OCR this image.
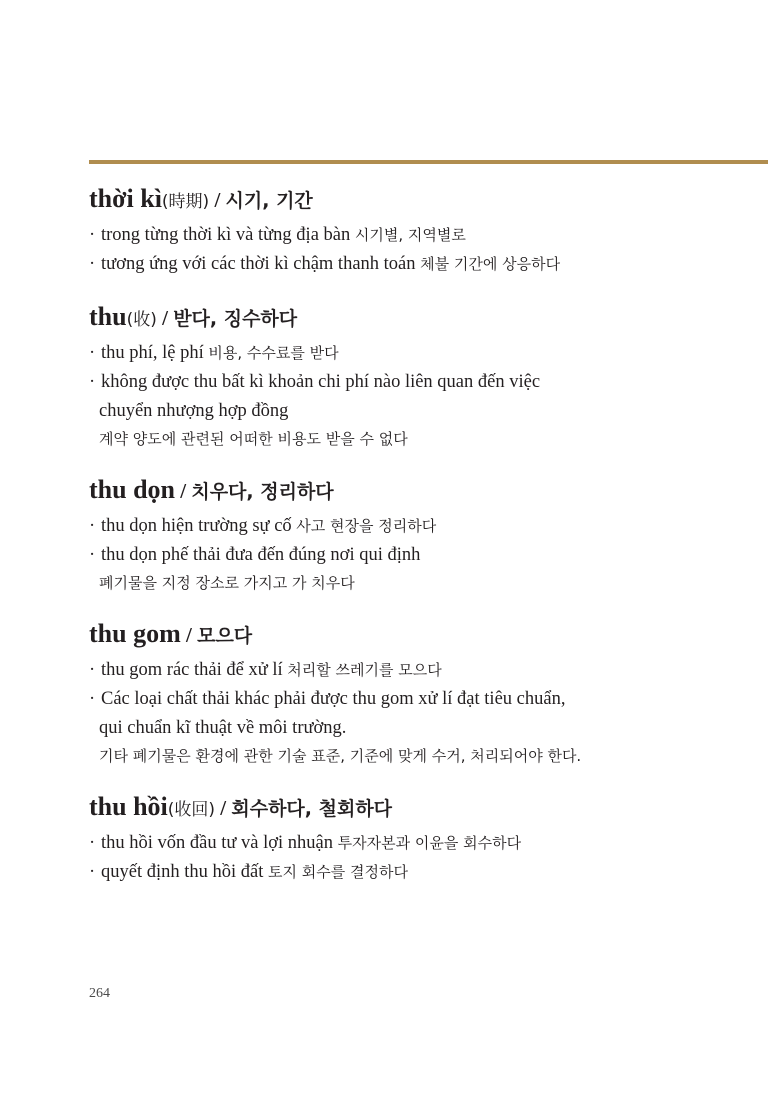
thời kì(時期) / 시기, 기간
· trong từng thời kì và từng địa bàn 시기별, 지역별로
· tương ứng với các thời kì chậm thanh toán 체불 기간에 상응하다
thu(收) / 받다, 징수하다
· thu phí, lệ phí 비용, 수수료를 받다
· không được thu bất kì khoản chi phí nào liên quan đến việc
chuyển nhượng hợp đồng
계약 양도에 관련된 어떠한 비용도 받을 수 없다
thu dọn / 치우다, 정리하다
· thu dọn hiện trường sự cố 사고 현장을 정리하다
· thu dọn phế thải đưa đến đúng nơi qui định
폐기물을 지정 장소로 가지고 가 치우다
thu gom / 모으다
· thu gom rác thải để xử lí 처리할 쓰레기를 모으다
· Các loại chất thải khác phải được thu gom xử lí đạt tiêu chuẩn,
qui chuẩn kĩ thuật về môi trường.
기타 폐기물은 환경에 관한 기술 표준, 기준에 맞게 수거, 처리되어야 한다.
thu hồi(收回) / 회수하다, 철회하다
· thu hồi vốn đầu tư và lợi nhuận 투자자본과 이윤을 회수하다
· quyết định thu hồi đất 토지 회수를 결정하다
264
